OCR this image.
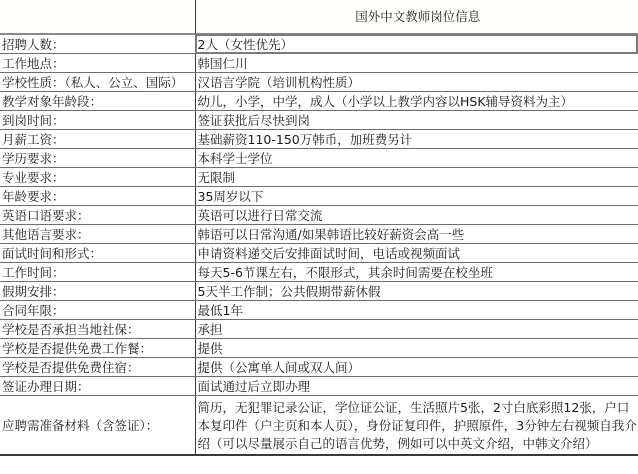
	国外中文教师岗位信息
招聘人数：	2人（女性优先）
工作地点：	韩国仁川
学校性质：（私人、公立、国际）	汉语言学院（培训机构性质）
教学对象年龄段：	幼儿，小学，中学，成人（小学以上教学内容以HSK辅导资料为主）
到岗时间：	签证获批后尽快到岗
月薪工资：	基础薪资110-150万韩币，加班费另计
学历要求：	本科学士学位
专业要求：	无限制
年龄要求：	35周岁以下
英语口语要求：	英语可以进行日常交流
其他语言要求：	韩语可以日常沟通/如果韩语比较好薪资会高一些
面试时间和形式：	申请资料递交后安排面试时间，电话或视频面试
工作时间：	每天5-6节课左右，不限形式，其余时间需要在校坐班
假期安排：	5天半工作制；公共假期带薪休假
合同年限：	最低1年
学校是否承担当地社保：	承担
学校是否提供免费工作餐：	提供
学校是否提供免费住宿：	提供（公寓单人间或双人间）
签证办理日期：	面试通过后立即办理
应聘需准备材料（含签证）：	简历，无犯罪记录公证，学位证公证，生活照片5张，2寸白底彩照12张，户口本复印件（户主页和本人页），身份证复印件，护照原件，3分钟左右视频自我介绍（可以尽量展示自己的语言优势，例如可以中英文介绍，中韩文介绍）
